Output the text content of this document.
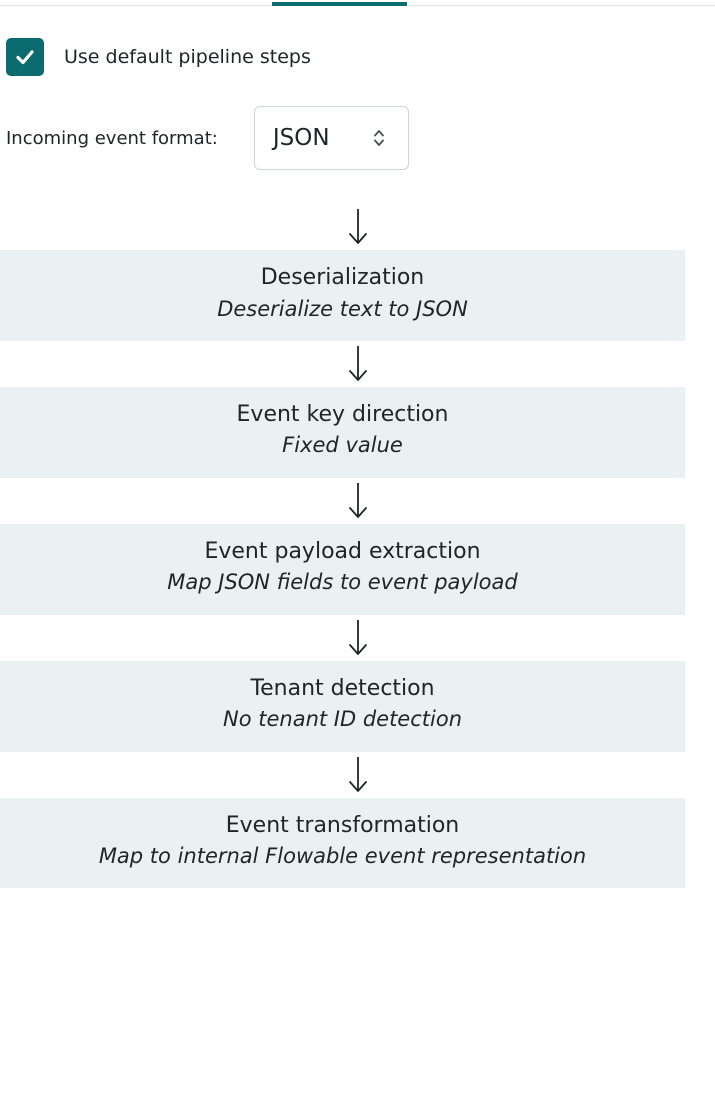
Use default pipeline steps
Incoming event format:	JSON
Deserialization
Deserialize text to JSON
Event key direction
Fixed value
Event payload extraction
Map JSON fields to event payload
Tenant detection
No tenant ID detection
Event transformation
Map to internal Flowable event representation
